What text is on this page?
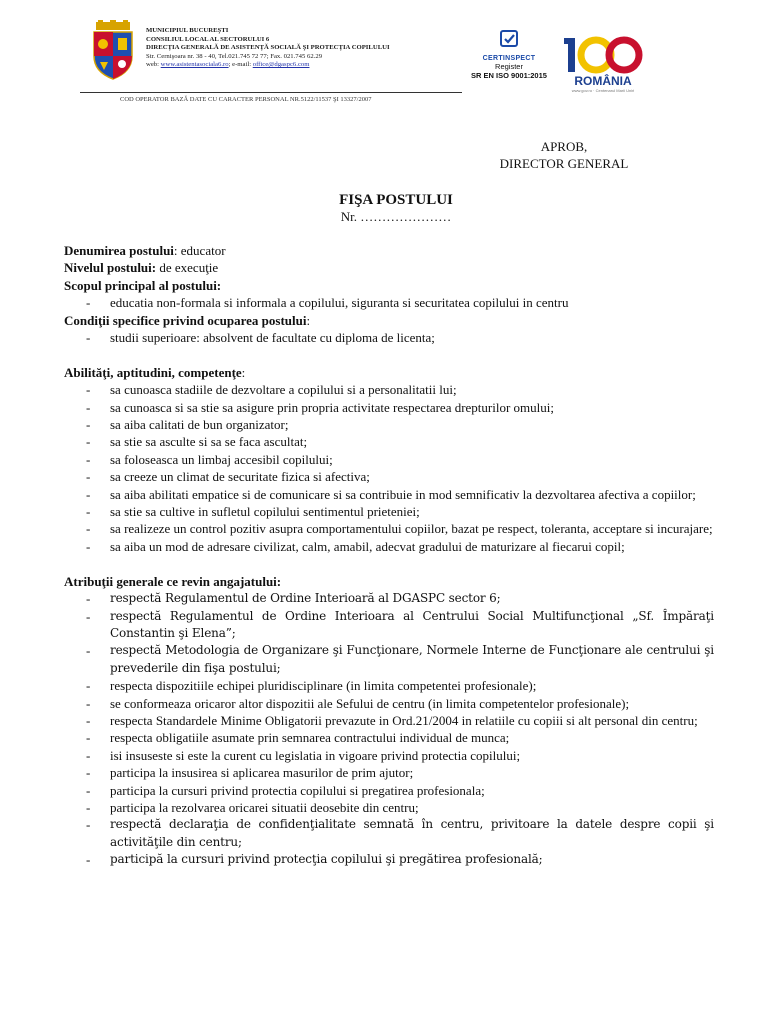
MUNICIPIUL BUCUREŞTI
CONSILIUL LOCAL AL SECTORULUI 6
DIRECŢIA GENERALĂ DE ASISTENŢĂ SOCIALĂ ŞI PROTECŢIA COPILULUI
Str. Cernişoara nr. 38 - 40, Tel.021.745 72 77; Fax. 021.745 62.29
web: www.asistentasociala6.ro; e-mail: office@dgaspc6.com
CERTINSPECT
Register
SR EN ISO 9001:2015	ROMÂNIA
www.gov.ro · Centenarul Marii Uniri
COD OPERATOR BAZĂ DATE CU CARACTER PERSONAL NR.5122/11537 ŞI 13327/2007
APROB,
DIRECTOR GENERAL
FIŞA POSTULUI
Nr. …………………

Denumirea postului: educator

Nivelul postului: de execuţie

Scopul principal al postului:

- educatia non-formala si informala a copilului, siguranta si securitatea copilului in centru

Condiţii specifice privind ocuparea postului:

- studii superioare: absolvent de facultate cu diploma de licenta;

Abilităţi, aptitudini, competenţe:

- sa cunoasca stadiile de dezvoltare a copilului si a personalitatii lui;
- sa cunoasca si sa stie sa asigure prin propria activitate respectarea drepturilor omului;
- sa aiba calitati de bun organizator;
- sa stie sa asculte si sa se faca ascultat;
- sa foloseasca un limbaj accesibil copilului;
- sa creeze un climat de securitate fizica si afectiva;
- sa aiba abilitati empatice si de comunicare si sa contribuie in mod semnificativ la dezvoltarea afectiva a copiilor;
- sa stie sa cultive in sufletul copilului sentimentul prieteniei;
- sa realizeze un control pozitiv asupra comportamentului copiilor, bazat pe respect, toleranta, acceptare si incurajare;
- sa aiba un mod de adresare civilizat, calm, amabil, adecvat gradului de maturizare al fiecarui copil;

Atribuţii generale ce revin angajatului:

- respectă Regulamentul de Ordine Interioară al DGASPC sector 6;
- respectă Regulamentul de Ordine Interioara al Centrului Social Multifuncţional „Sf. Împăraţi Constantin şi Elena”;
- respectă Metodologia de Organizare şi Funcţionare, Normele Interne de Funcţionare ale centrului şi prevederile din fişa postului;
- respecta dispozitiile echipei pluridisciplinare (in limita competentei profesionale);
- se conformeaza oricaror altor dispozitii ale Sefului de centru (in limita competentelor profesionale);
- respecta Standardele Minime Obligatorii prevazute in Ord.21/2004 in relatiile cu copiii si alt personal din centru;
- respecta obligatiile asumate prin semnarea contractului individual de munca;
- isi insuseste si este la curent cu legislatia in vigoare privind protectia copilului;
- participa la insusirea si aplicarea masurilor de prim ajutor;
- participa la cursuri privind protectia copilului si pregatirea profesionala;
- participa la rezolvarea oricarei situatii deosebite din centru;
- respectă declaraţia de confidenţialitate semnată în centru, privitoare la datele despre copii şi activităţile din centru;
- participă la cursuri privind protecţia copilului şi pregătirea profesională;
